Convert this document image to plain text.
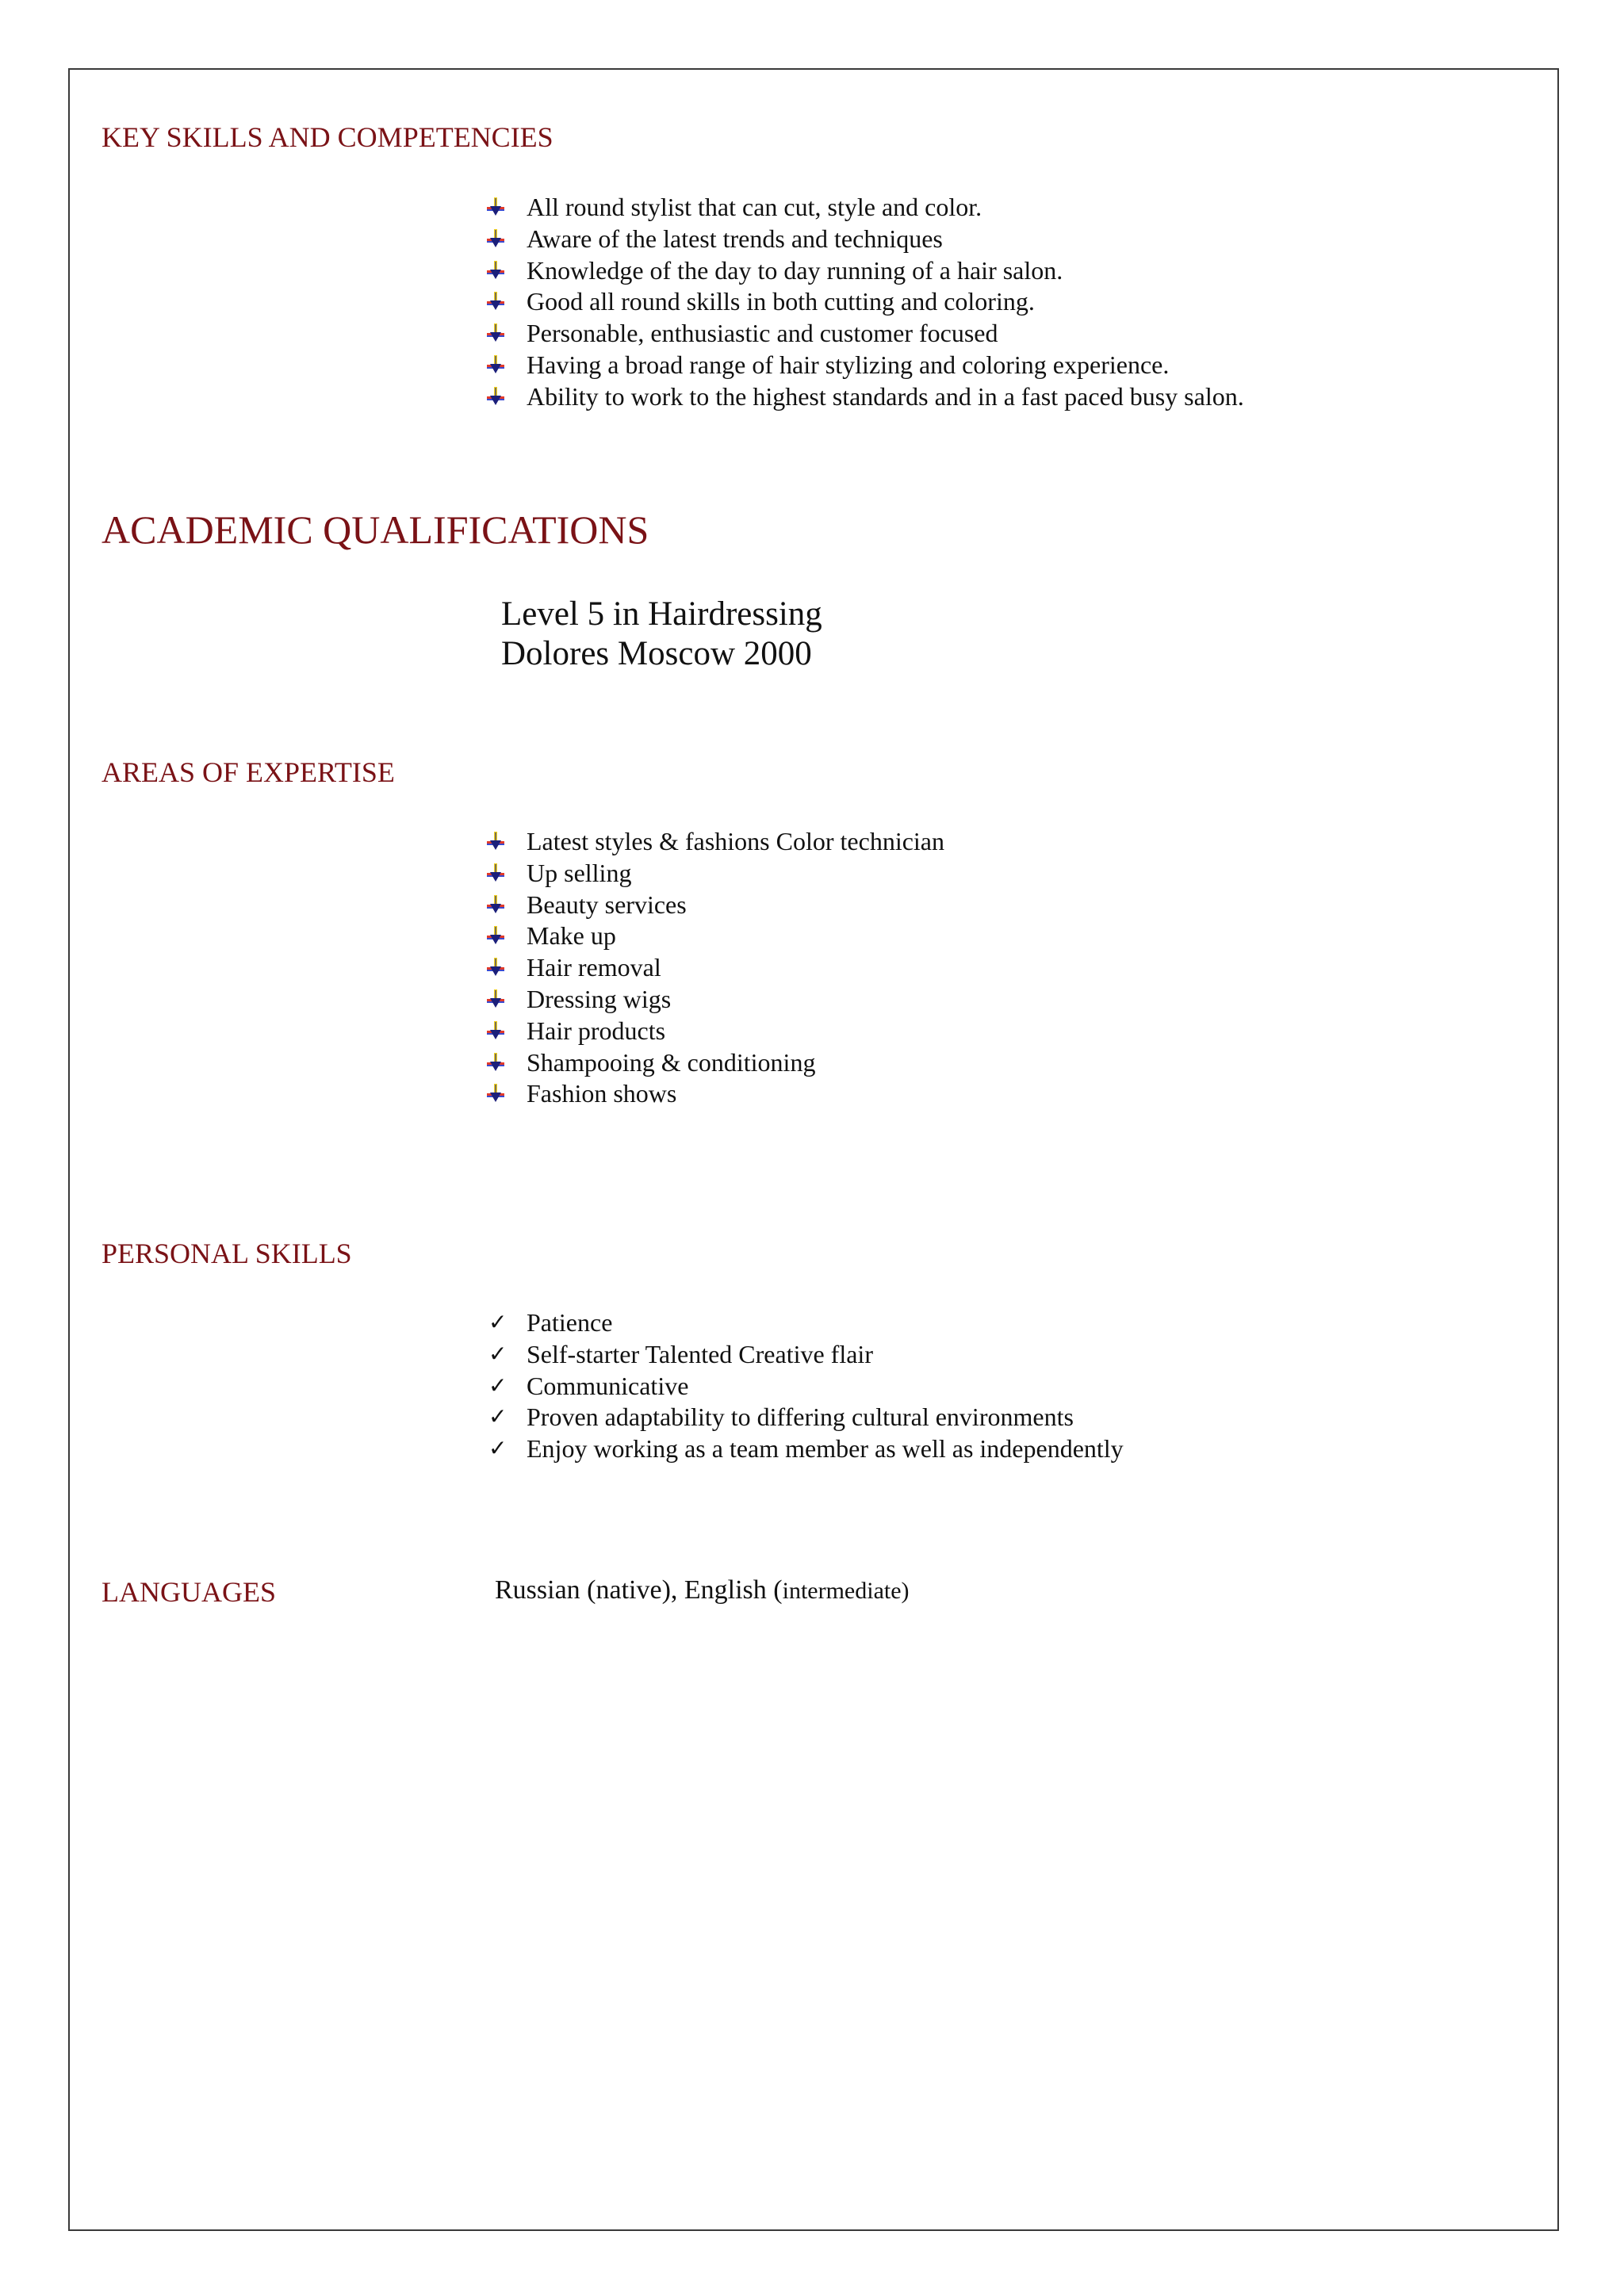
KEY SKILLS AND COMPETENCIES
All round stylist that can cut, style and color.
Aware of the latest trends and techniques
Knowledge of the day to day running of a hair salon.
Good all round skills in both cutting and coloring.
Personable, enthusiastic and customer focused
Having a broad range of hair stylizing and coloring experience.
Ability to work to the highest standards and in a fast paced busy salon.
ACADEMIC QUALIFICATIONS
Level 5 in Hairdressing
Dolores Moscow 2000
AREAS OF EXPERTISE
Latest styles & fashions Color technician
Up selling
Beauty services
Make up
Hair removal
Dressing wigs
Hair products
Shampooing & conditioning
Fashion shows
PERSONAL SKILLS
✓ Patience
✓ Self-starter Talented Creative flair
✓ Communicative
✓ Proven adaptability to differing cultural environments
✓ Enjoy working as a team member as well as independently
LANGUAGES	Russian (native), English (intermediate)
